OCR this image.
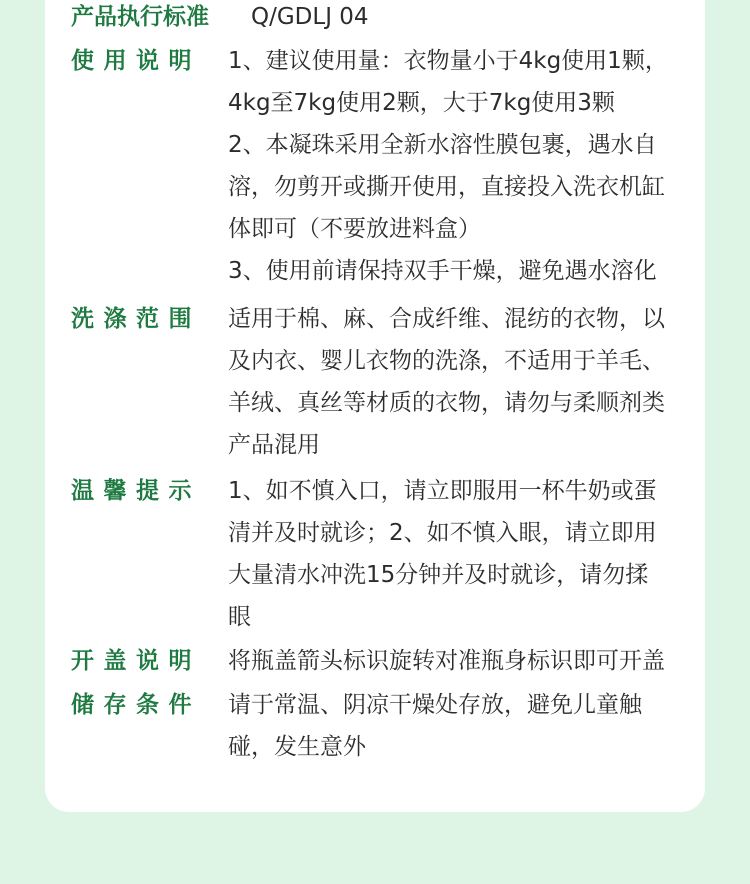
产品执行标准 Q/GDLJ 04
使用说明 1、建议使用量：衣物量小于4kg使用1颗，
4kg至7kg使用2颗，大于7kg使用3颗
2、本凝珠采用全新水溶性膜包裹，遇水自
溶，勿剪开或撕开使用，直接投入洗衣机缸
体即可（不要放进料盒）
3、使用前请保持双手干燥，避免遇水溶化
洗涤范围 适用于棉、麻、合成纤维、混纺的衣物，以
及内衣、婴儿衣物的洗涤，不适用于羊毛、
羊绒、真丝等材质的衣物，请勿与柔顺剂类
产品混用
温馨提示 1、如不慎入口，请立即服用一杯牛奶或蛋
清并及时就诊；2、如不慎入眼，请立即用
大量清水冲洗15分钟并及时就诊，请勿揉
眼
开盖说明 将瓶盖箭头标识旋转对准瓶身标识即可开盖
储存条件 请于常温、阴凉干燥处存放，避免儿童触
碰，发生意外
